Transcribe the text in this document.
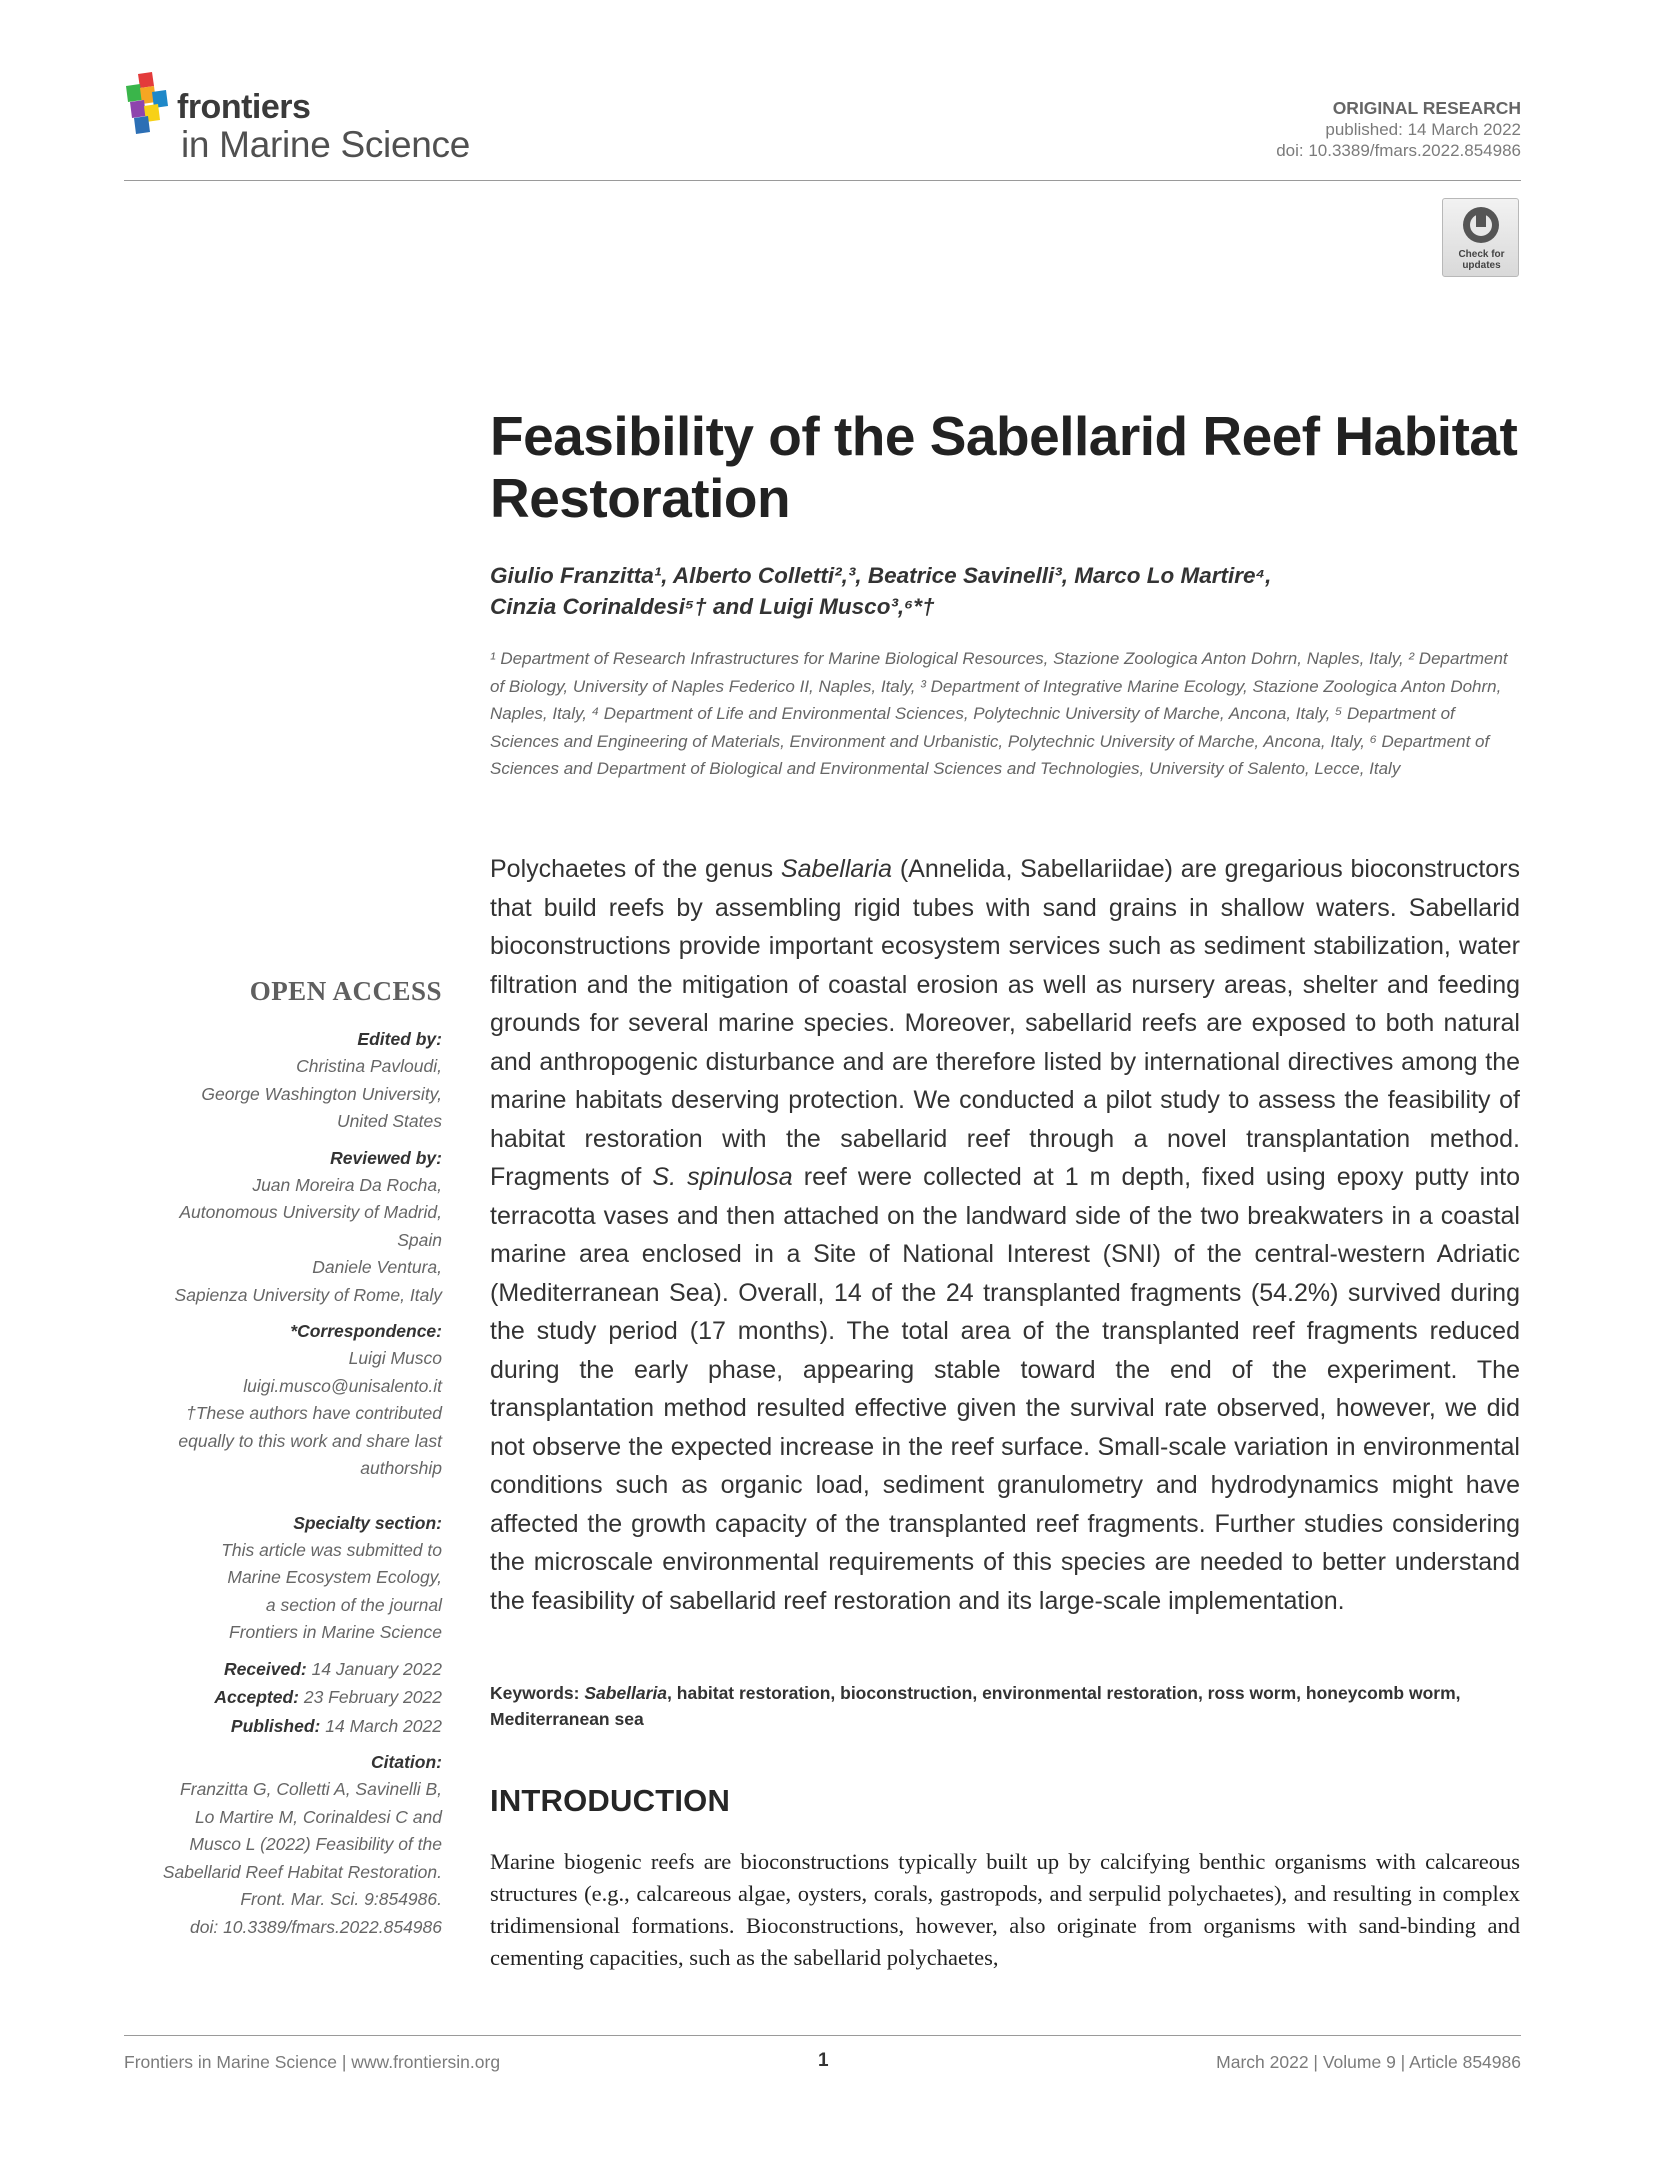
frontiers
in Marine Science
ORIGINAL RESEARCH
published: 14 March 2022
doi: 10.3389/fmars.2022.854986
Check for updates
Feasibility of the Sabellarid Reef Habitat Restoration
Giulio Franzitta¹, Alberto Colletti²,³, Beatrice Savinelli³, Marco Lo Martire⁴,
Cinzia Corinaldesi⁵† and Luigi Musco³,⁶*†
¹ Department of Research Infrastructures for Marine Biological Resources, Stazione Zoologica Anton Dohrn, Naples, Italy, ² Department of Biology, University of Naples Federico II, Naples, Italy, ³ Department of Integrative Marine Ecology, Stazione Zoologica Anton Dohrn, Naples, Italy, ⁴ Department of Life and Environmental Sciences, Polytechnic University of Marche, Ancona, Italy, ⁵ Department of Sciences and Engineering of Materials, Environment and Urbanistic, Polytechnic University of Marche, Ancona, Italy, ⁶ Department of Sciences and Department of Biological and Environmental Sciences and Technologies, University of Salento, Lecce, Italy
OPEN ACCESS
Edited by:
Christina Pavloudi,
George Washington University,
United States
Reviewed by:
Juan Moreira Da Rocha,
Autonomous University of Madrid,
Spain
Daniele Ventura,
Sapienza University of Rome, Italy
*Correspondence:
Luigi Musco
luigi.musco@unisalento.it
†These authors have contributed
equally to this work and share last
authorship
Specialty section:
This article was submitted to
Marine Ecosystem Ecology,
a section of the journal
Frontiers in Marine Science
Received: 14 January 2022
Accepted: 23 February 2022
Published: 14 March 2022
Citation:
Franzitta G, Colletti A, Savinelli B,
Lo Martire M, Corinaldesi C and
Musco L (2022) Feasibility of the
Sabellarid Reef Habitat Restoration.
Front. Mar. Sci. 9:854986.
doi: 10.3389/fmars.2022.854986
Polychaetes of the genus Sabellaria (Annelida, Sabellariidae) are gregarious bioconstructors that build reefs by assembling rigid tubes with sand grains in shallow waters. Sabellarid bioconstructions provide important ecosystem services such as sediment stabilization, water filtration and the mitigation of coastal erosion as well as nursery areas, shelter and feeding grounds for several marine species. Moreover, sabellarid reefs are exposed to both natural and anthropogenic disturbance and are therefore listed by international directives among the marine habitats deserving protection. We conducted a pilot study to assess the feasibility of habitat restoration with the sabellarid reef through a novel transplantation method. Fragments of S. spinulosa reef were collected at 1 m depth, fixed using epoxy putty into terracotta vases and then attached on the landward side of the two breakwaters in a coastal marine area enclosed in a Site of National Interest (SNI) of the central-western Adriatic (Mediterranean Sea). Overall, 14 of the 24 transplanted fragments (54.2%) survived during the study period (17 months). The total area of the transplanted reef fragments reduced during the early phase, appearing stable toward the end of the experiment. The transplantation method resulted effective given the survival rate observed, however, we did not observe the expected increase in the reef surface. Small-scale variation in environmental conditions such as organic load, sediment granulometry and hydrodynamics might have affected the growth capacity of the transplanted reef fragments. Further studies considering the microscale environmental requirements of this species are needed to better understand the feasibility of sabellarid reef restoration and its large-scale implementation.
Keywords: Sabellaria, habitat restoration, bioconstruction, environmental restoration, ross worm, honeycomb worm, Mediterranean sea
INTRODUCTION
Marine biogenic reefs are bioconstructions typically built up by calcifying benthic organisms with calcareous structures (e.g., calcareous algae, oysters, corals, gastropods, and serpulid polychaetes), and resulting in complex tridimensional formations. Bioconstructions, however, also originate from organisms with sand-binding and cementing capacities, such as the sabellarid polychaetes,
Frontiers in Marine Science | www.frontiersin.org	1	March 2022 | Volume 9 | Article 854986
